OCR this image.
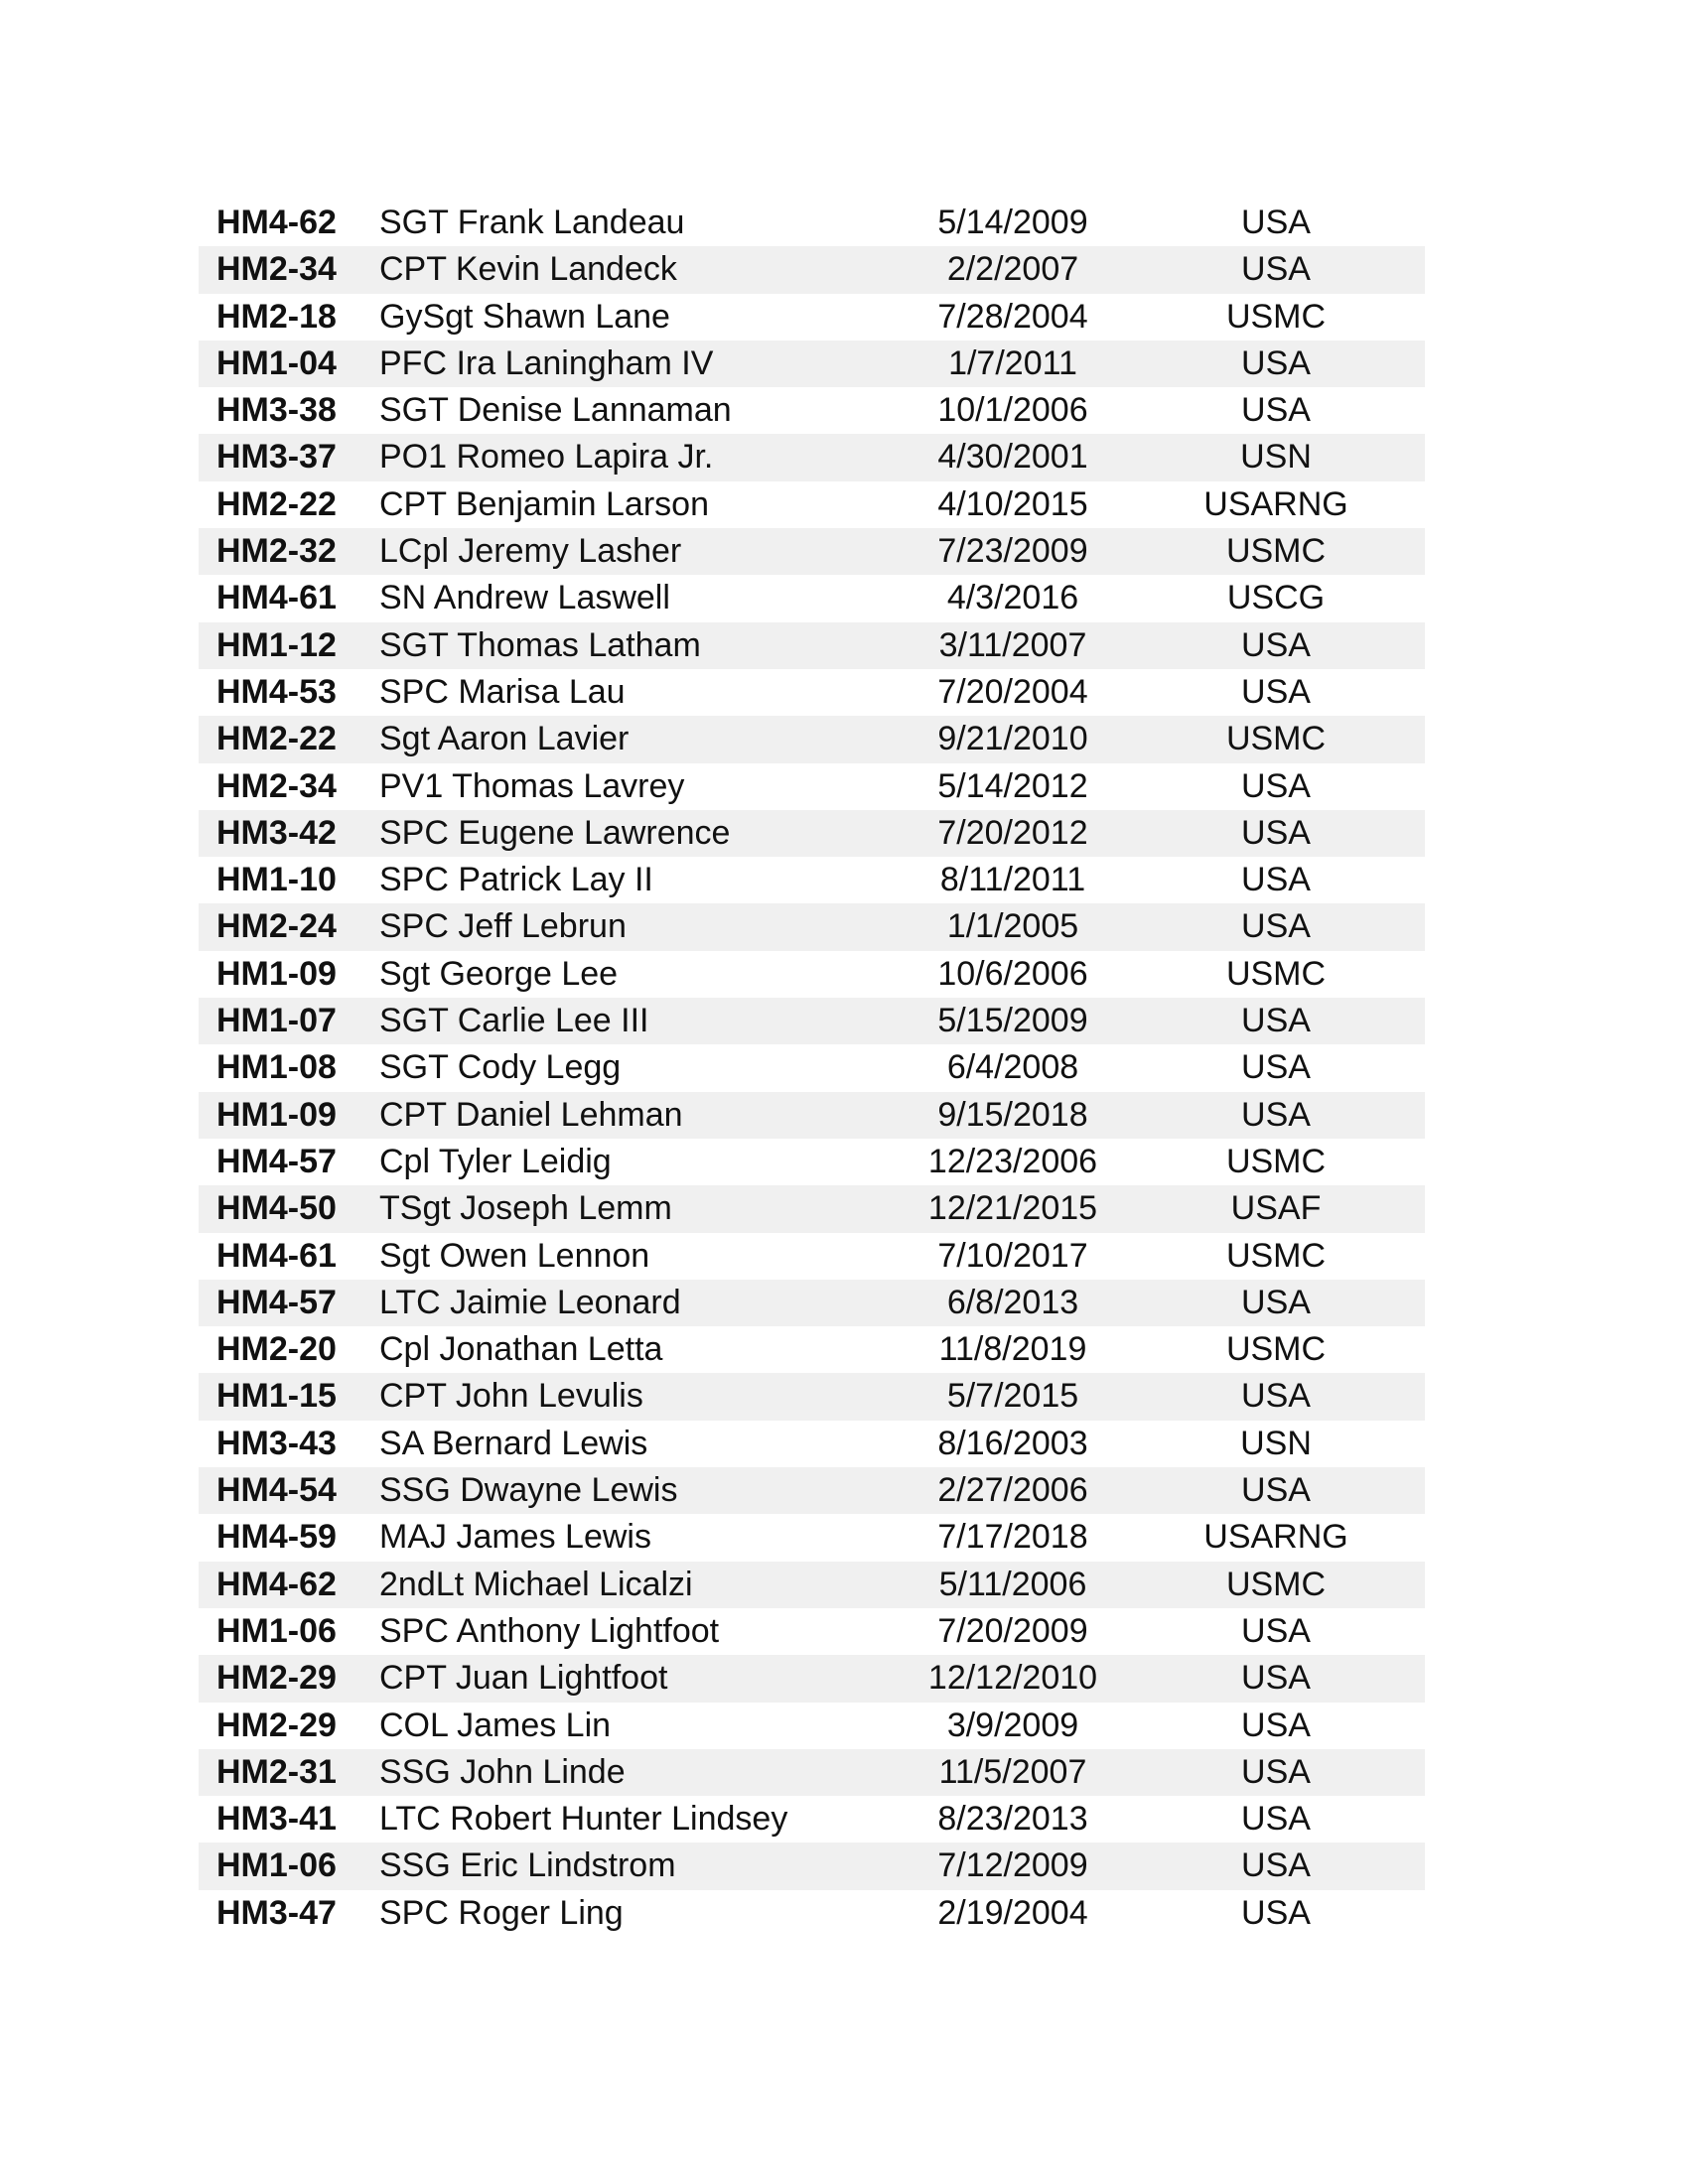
HM4-62	SGT Frank Landeau	5/14/2009	USA
HM2-34	CPT Kevin Landeck	2/2/2007	USA
HM2-18	GySgt Shawn Lane	7/28/2004	USMC
HM1-04	PFC Ira Laningham IV	1/7/2011	USA
HM3-38	SGT Denise Lannaman	10/1/2006	USA
HM3-37	PO1 Romeo Lapira Jr.	4/30/2001	USN
HM2-22	CPT Benjamin Larson	4/10/2015	USARNG
HM2-32	LCpl Jeremy Lasher	7/23/2009	USMC
HM4-61	SN Andrew Laswell	4/3/2016	USCG
HM1-12	SGT Thomas Latham	3/11/2007	USA
HM4-53	SPC Marisa Lau	7/20/2004	USA
HM2-22	Sgt Aaron Lavier	9/21/2010	USMC
HM2-34	PV1 Thomas Lavrey	5/14/2012	USA
HM3-42	SPC Eugene Lawrence	7/20/2012	USA
HM1-10	SPC Patrick Lay II	8/11/2011	USA
HM2-24	SPC Jeff Lebrun	1/1/2005	USA
HM1-09	Sgt George Lee	10/6/2006	USMC
HM1-07	SGT Carlie Lee III	5/15/2009	USA
HM1-08	SGT Cody Legg	6/4/2008	USA
HM1-09	CPT Daniel Lehman	9/15/2018	USA
HM4-57	Cpl Tyler Leidig	12/23/2006	USMC
HM4-50	TSgt Joseph Lemm	12/21/2015	USAF
HM4-61	Sgt Owen Lennon	7/10/2017	USMC
HM4-57	LTC Jaimie Leonard	6/8/2013	USA
HM2-20	Cpl Jonathan Letta	11/8/2019	USMC
HM1-15	CPT John Levulis	5/7/2015	USA
HM3-43	SA Bernard Lewis	8/16/2003	USN
HM4-54	SSG Dwayne Lewis	2/27/2006	USA
HM4-59	MAJ James Lewis	7/17/2018	USARNG
HM4-62	2ndLt Michael Licalzi	5/11/2006	USMC
HM1-06	SPC Anthony Lightfoot	7/20/2009	USA
HM2-29	CPT Juan Lightfoot	12/12/2010	USA
HM2-29	COL James Lin	3/9/2009	USA
HM2-31	SSG John Linde	11/5/2007	USA
HM3-41	LTC Robert Hunter Lindsey	8/23/2013	USA
HM1-06	SSG Eric Lindstrom	7/12/2009	USA
HM3-47	SPC Roger Ling	2/19/2004	USA
